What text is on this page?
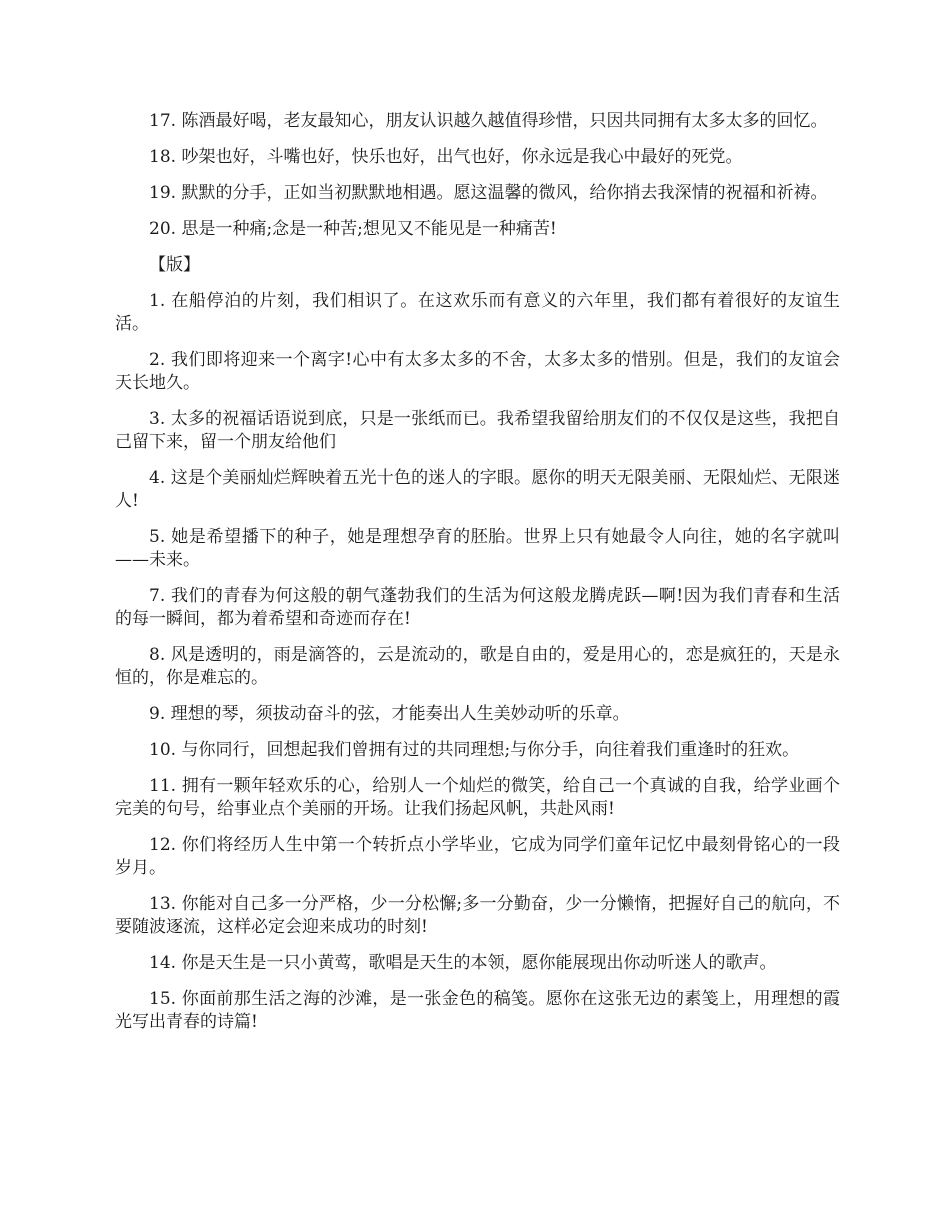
17. 陈酒最好喝，老友最知心，朋友认识越久越值得珍惜，只因共同拥有太多太多的回忆。

18. 吵架也好，斗嘴也好，快乐也好，出气也好，你永远是我心中最好的死党。

19. 默默的分手，正如当初默默地相遇。愿这温馨的微风，给你捎去我深情的祝福和祈祷。

20. 思是一种痛;念是一种苦;想见又不能见是一种痛苦!

【版】

1. 在船停泊的片刻，我们相识了。在这欢乐而有意义的六年里，我们都有着很好的友谊生活。

2. 我们即将迎来一个离字!心中有太多太多的不舍，太多太多的惜别。但是，我们的友谊会天长地久。

3. 太多的祝福话语说到底，只是一张纸而已。我希望我留给朋友们的不仅仅是这些，我把自己留下来，留一个朋友给他们

4. 这是个美丽灿烂辉映着五光十色的迷人的字眼。愿你的明天无限美丽、无限灿烂、无限迷人!

5. 她是希望播下的种子，她是理想孕育的胚胎。世界上只有她最令人向往，她的名字就叫——未来。

7. 我们的青春为何这般的朝气蓬勃我们的生活为何这般龙腾虎跃—啊!因为我们青春和生活的每一瞬间，都为着希望和奇迹而存在!

8. 风是透明的，雨是滴答的，云是流动的，歌是自由的，爱是用心的，恋是疯狂的，天是永恒的，你是难忘的。

9. 理想的琴，须拔动奋斗的弦，才能奏出人生美妙动听的乐章。

10. 与你同行，回想起我们曾拥有过的共同理想;与你分手，向往着我们重逢时的狂欢。

11. 拥有一颗年轻欢乐的心，给别人一个灿烂的微笑，给自己一个真诚的自我，给学业画个完美的句号，给事业点个美丽的开场。让我们扬起风帆，共赴风雨!

12. 你们将经历人生中第一个转折点小学毕业，它成为同学们童年记忆中最刻骨铭心的一段岁月。

13. 你能对自己多一分严格，少一分松懈;多一分勤奋，少一分懒惰，把握好自己的航向，不要随波逐流，这样必定会迎来成功的时刻!

14. 你是天生是一只小黄莺，歌唱是天生的本领，愿你能展现出你动听迷人的歌声。

15. 你面前那生活之海的沙滩，是一张金色的稿笺。愿你在这张无边的素笺上，用理想的霞光写出青春的诗篇!
